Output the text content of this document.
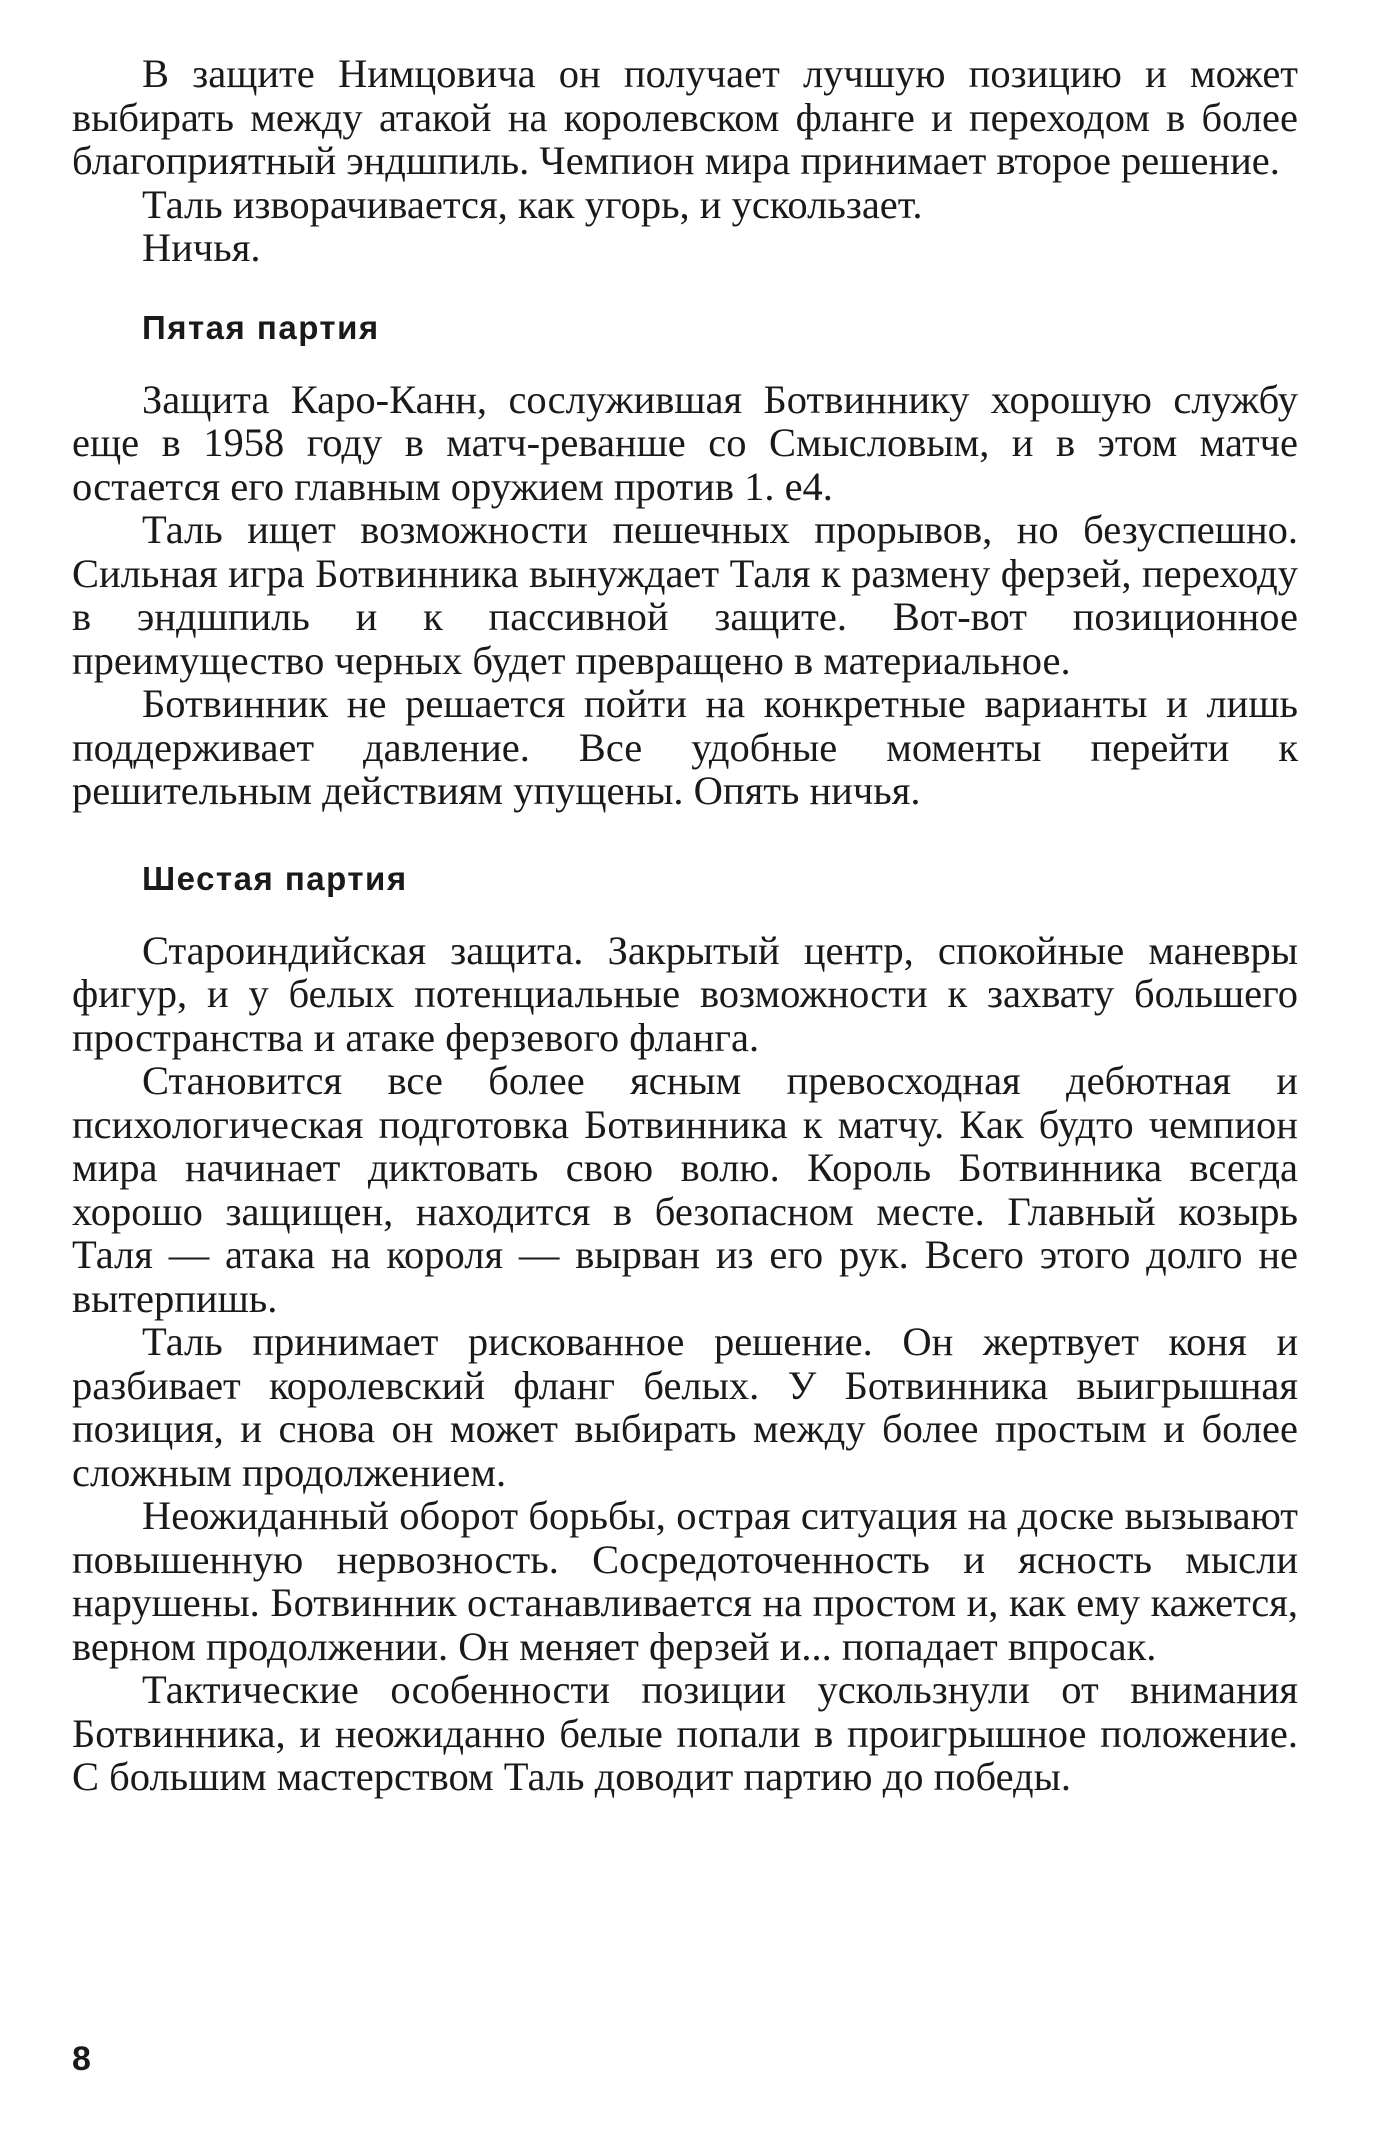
В защите Нимцовича он получает лучшую позицию и может выбирать между атакой на королевском фланге и переходом в более благоприятный эндшпиль. Чемпион мира принимает второе решение.

Таль изворачивается, как угорь, и ускользает.

Ничья.

Пятая партия

Защита Каро-Канн, сослужившая Ботвиннику хорошую службу еще в 1958 году в матч-реванше со Смысловым, и в этом матче остается его главным оружием против 1. е4.

Таль ищет возможности пешечных прорывов, но безуспешно. Сильная игра Ботвинника вынуждает Таля к размену ферзей, переходу в эндшпиль и к пассивной защите. Вот-вот позиционное преимущество черных будет превращено в материальное.

Ботвинник не решается пойти на конкретные варианты и лишь поддерживает давление. Все удобные моменты перейти к решительным действиям упущены. Опять ничья.

Шестая партия

Староиндийская защита. Закрытый центр, спокойные маневры фигур, и у белых потенциальные возможности к захвату большего пространства и атаке ферзевого фланга.

Становится все более ясным превосходная дебютная и психологическая подготовка Ботвинника к матчу. Как будто чемпион мира начинает диктовать свою волю. Король Ботвинника всегда хорошо защищен, находится в безопасном месте. Главный козырь Таля — атака на короля — вырван из его рук. Всего этого долго не вытерпишь.

Таль принимает рискованное решение. Он жертвует коня и разбивает королевский фланг белых. У Ботвинника выигрышная позиция, и снова он может выбирать между более простым и более сложным продолжением.

Неожиданный оборот борьбы, острая ситуация на доске вызывают повышенную нервозность. Сосредоточенность и ясность мысли нарушены. Ботвинник останавливается на простом и, как ему кажется, верном продолжении. Он меняет ферзей и... попадает впросак.

Тактические особенности позиции ускользнули от внимания Ботвинника, и неожиданно белые попали в проигрышное положение. С большим мастерством Таль доводит партию до победы.

8
